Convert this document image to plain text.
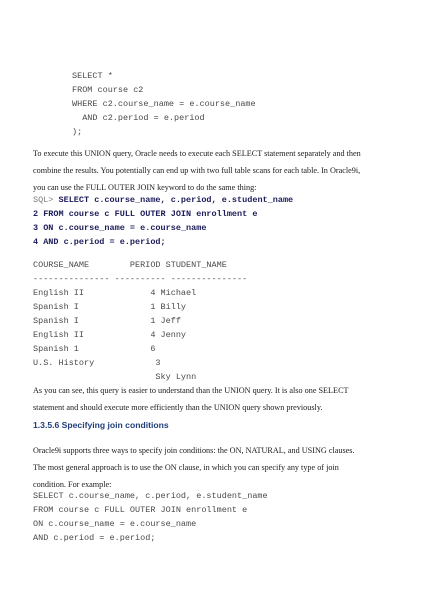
SELECT *
FROM course c2
WHERE c2.course_name = e.course_name
AND c2.period = e.period
);

To execute this UNION query, Oracle needs to execute each SELECT statement separately and then
combine the results. You potentially can end up with two full table scans for each table. In Oracle9i,
you can use the FULL OUTER JOIN keyword to do the same thing:

SQL> SELECT c.course_name, c.period, e.student_name
2 FROM course c FULL OUTER JOIN enrollment e
3 ON c.course_name = e.course_name
4 AND c.period = e.period;
COURSE_NAME        PERIOD STUDENT_NAME
--------------- ---------- ---------------
English II             4 Michael
Spanish I              1 Billy
Spanish I              1 Jeff
English II             4 Jenny
Spanish 1              6
U.S. History            3
Sky Lynn

As you can see, this query is easier to understand than the UNION query. It is also one SELECT
statement and should execute more efficiently than the UNION query shown previously.

1.3.5.6 Specifying join conditions

Oracle9i supports three ways to specify join conditions: the ON, NATURAL, and USING clauses.
The most general approach is to use the ON clause, in which you can specify any type of join
condition. For example:

SELECT c.course_name, c.period, e.student_name
FROM course c FULL OUTER JOIN enrollment e
ON c.course_name = e.course_name
AND c.period = e.period;
